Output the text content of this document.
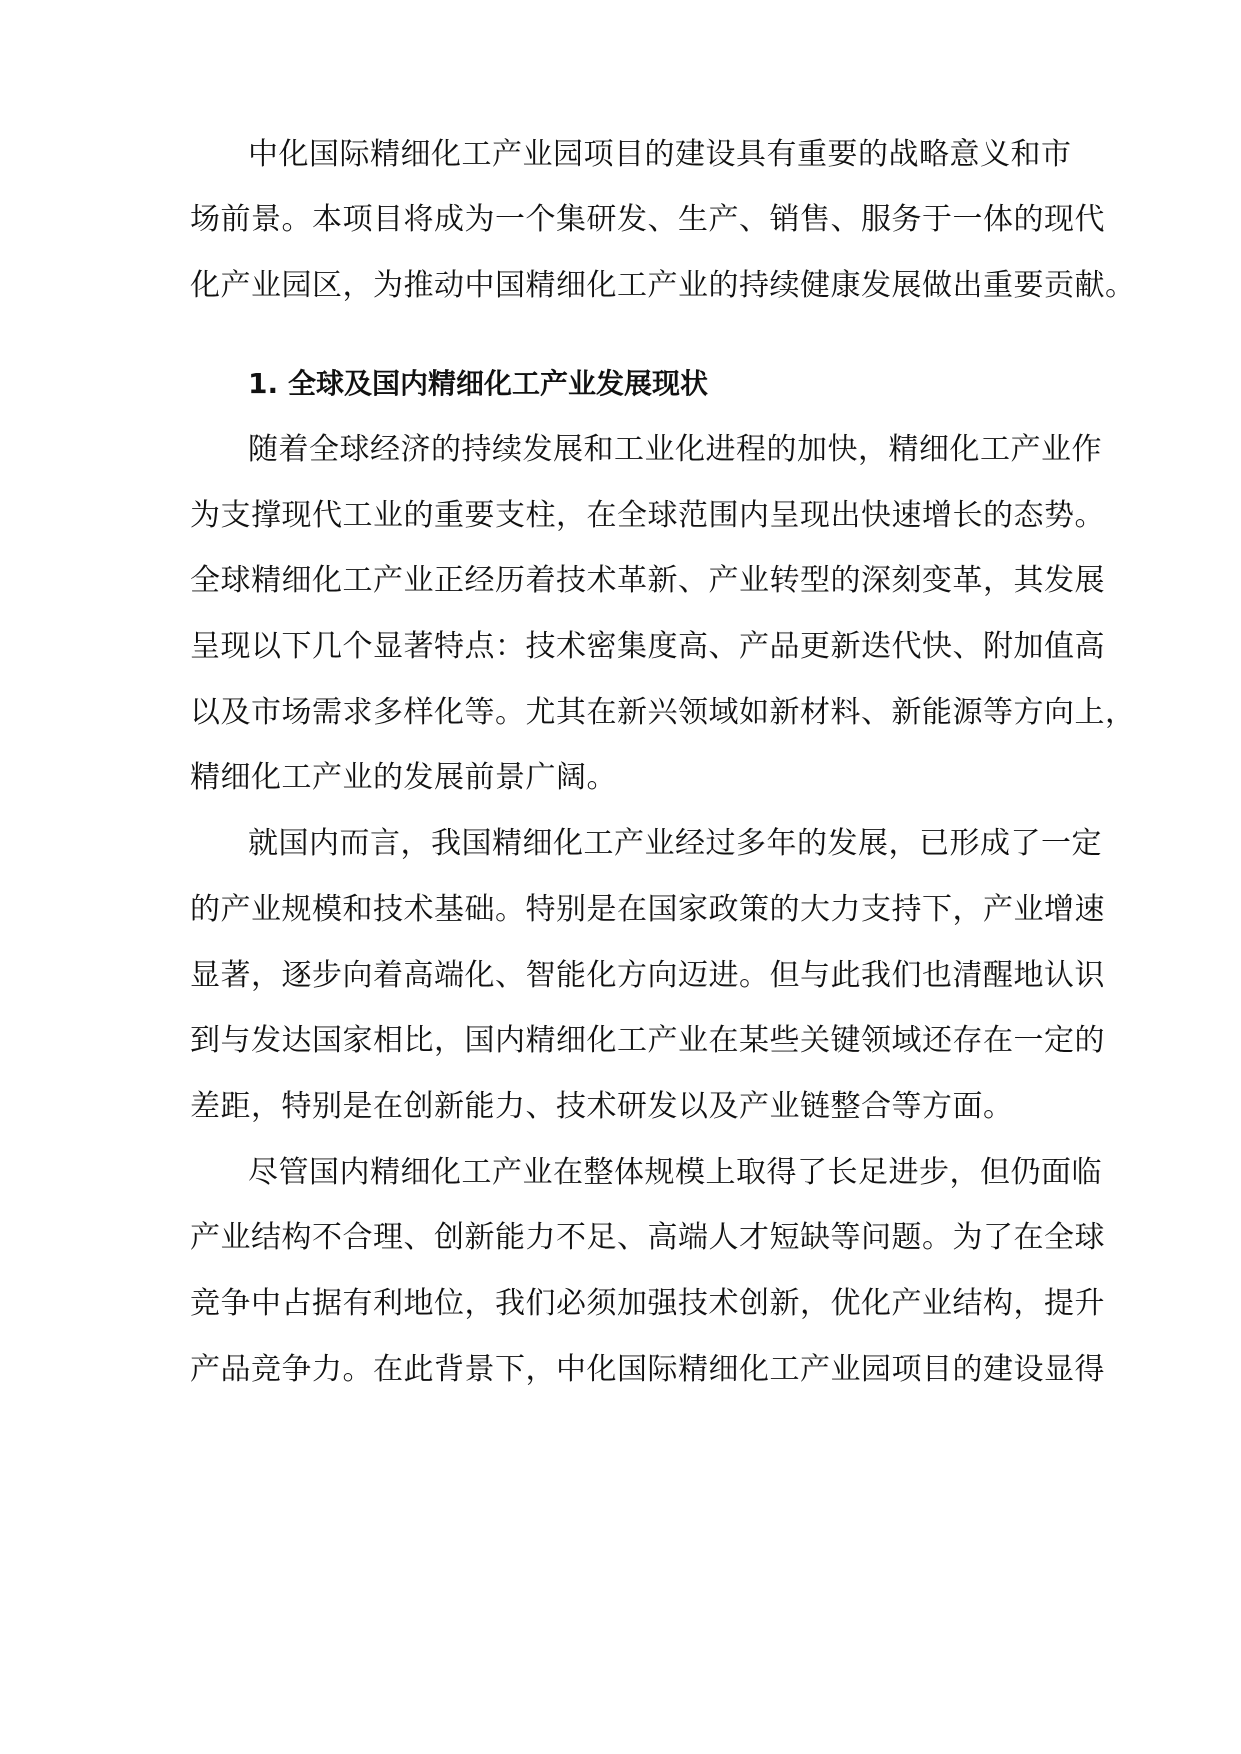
中化国际精细化工产业园项目的建设具有重要的战略意义和市
场前景。本项目将成为一个集研发、生产、销售、服务于一体的现代
化产业园区，为推动中国精细化工产业的持续健康发展做出重要贡献。
1. 全球及国内精细化工产业发展现状
随着全球经济的持续发展和工业化进程的加快，精细化工产业作
为支撑现代工业的重要支柱，在全球范围内呈现出快速增长的态势。
全球精细化工产业正经历着技术革新、产业转型的深刻变革，其发展
呈现以下几个显著特点：技术密集度高、产品更新迭代快、附加值高
以及市场需求多样化等。尤其在新兴领域如新材料、新能源等方向上，
精细化工产业的发展前景广阔。
就国内而言，我国精细化工产业经过多年的发展，已形成了一定
的产业规模和技术基础。特别是在国家政策的大力支持下，产业增速
显著，逐步向着高端化、智能化方向迈进。但与此我们也清醒地认识
到与发达国家相比，国内精细化工产业在某些关键领域还存在一定的
差距，特别是在创新能力、技术研发以及产业链整合等方面。
尽管国内精细化工产业在整体规模上取得了长足进步，但仍面临
产业结构不合理、创新能力不足、高端人才短缺等问题。为了在全球
竞争中占据有利地位，我们必须加强技术创新，优化产业结构，提升
产品竞争力。在此背景下，中化国际精细化工产业园项目的建设显得
